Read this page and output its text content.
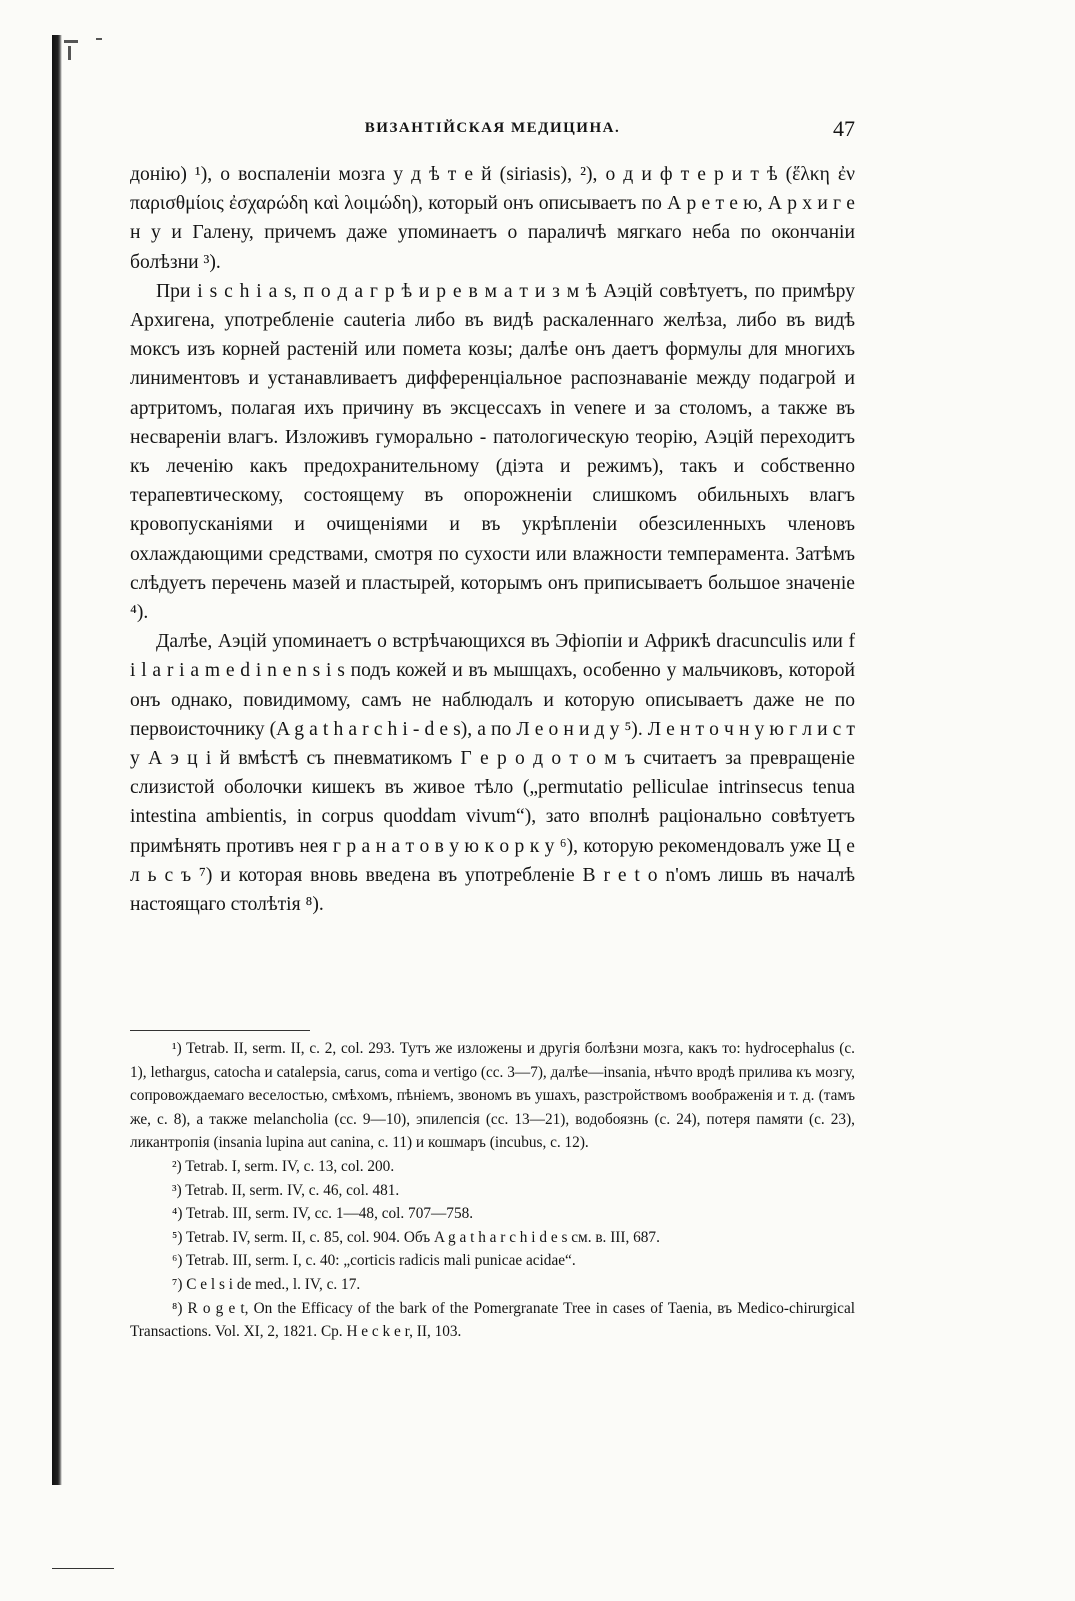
ВИЗАНТІЙСКАЯ МЕДИЦИНА.	47

донію) ¹), о воспаленіи мозга у д ѣ т е й (siriasis), ²), о д и ф т е р и т ѣ (ἕλκη ἐν παρισθμίοις ἐσχαρώδη καὶ λοιμώδη), который онъ описываетъ по А р е т е ю, А р х и г е н у и Галену, причемъ даже упоминаетъ о параличѣ мягкаго неба по окончаніи болѣзни ³).

При i s c h i a s, п о д а г р ѣ и р е в м а т и з м ѣ Аэцій совѣтуетъ, по примѣру Архигена, употребленіе cauteria либо въ видѣ раскаленнаго желѣза, либо въ видѣ моксъ изъ корней растеній или помета козы; далѣе онъ даетъ формулы для многихъ линиментовъ и устанавливаетъ дифференціальное распознаваніе между подагрой и артритомъ, полагая ихъ причину въ эксцессахъ in venere и за столомъ, а также въ несвареніи влагъ. Изложивъ гуморально - патологическую теорію, Аэцій переходитъ къ леченію какъ предохранительному (діэта и режимъ), такъ и собственно терапевтическому, состоящему въ опорожненіи слишкомъ обильныхъ влагъ кровопусканіями и очищеніями и въ укрѣпленіи обезсиленныхъ членовъ охлаждающими средствами, смотря по сухости или влажности темперамента. Затѣмъ слѣдуетъ перечень мазей и пластырей, которымъ онъ приписываетъ большое значеніе ⁴).

Далѣе, Аэцій упоминаетъ о встрѣчающихся въ Эфіопіи и Африкѣ dracunculis или f i l a r i a m e d i n e n s i s подъ кожей и въ мышцахъ, особенно у мальчиковъ, которой онъ однако, повидимому, самъ не наблюдалъ и которую описываетъ даже не по первоисточнику (A g a t h a r c h i - d e s), а по Л е о н и д у ⁵). Л е н т о ч н у ю г л и с т у А э ц і й вмѣстѣ съ пневматикомъ Г е р о д о т о м ъ считаетъ за превращеніе слизистой оболочки кишекъ въ живое тѣло („permutatio pelliculae intrinsecus tenua intestina ambientis, in corpus quoddam vivum“), зато вполнѣ раціонально совѣтуетъ примѣнять противъ нея г р а н а т о в у ю к о р к у ⁶), которую рекомендовалъ уже Ц е л ь с ъ ⁷) и которая вновь введена въ употребленіе B r e t o n'омъ лишь въ началѣ настоящаго столѣтія ⁸).

¹) Tetrab. II, serm. II, c. 2, col. 293. Тутъ же изложены и другія болѣзни мозга, какъ то: hydrocephalus (c. 1), lethargus, catocha и catalepsia, carus, coma и vertigo (cc. 3—7), далѣе—insania, нѣчто вродѣ прилива къ мозгу, сопровождаемаго веселостью, смѣхомъ, пѣніемъ, звономъ въ ушахъ, разстройствомъ воображенія и т. д. (тамъ же, с. 8), а также melancholia (cc. 9—10), эпилепсія (cc. 13—21), водобоязнь (c. 24), потеря памяти (c. 23), ликантропія (insania lupina aut canina, c. 11) и кошмаръ (incubus, c. 12).

²) Tetrab. I, serm. IV, c. 13, col. 200.

³) Tetrab. II, serm. IV, c. 46, col. 481.

⁴) Tetrab. III, serm. IV, cc. 1—48, col. 707—758.

⁵) Tetrab. IV, serm. II, c. 85, col. 904. Объ A g a t h a r c h i d e s см. в. III, 687.

⁶) Tetrab. III, serm. I, c. 40: „corticis radicis mali punicae acidae“.

⁷) C e l s i de med., l. IV, c. 17.

⁸) R o g e t, On the Efficacy of the bark of the Pomergranate Tree in cases of Taenia, въ Medico-chirurgical Transactions. Vol. XI, 2, 1821. Cp. H e c k e r, II, 103.
